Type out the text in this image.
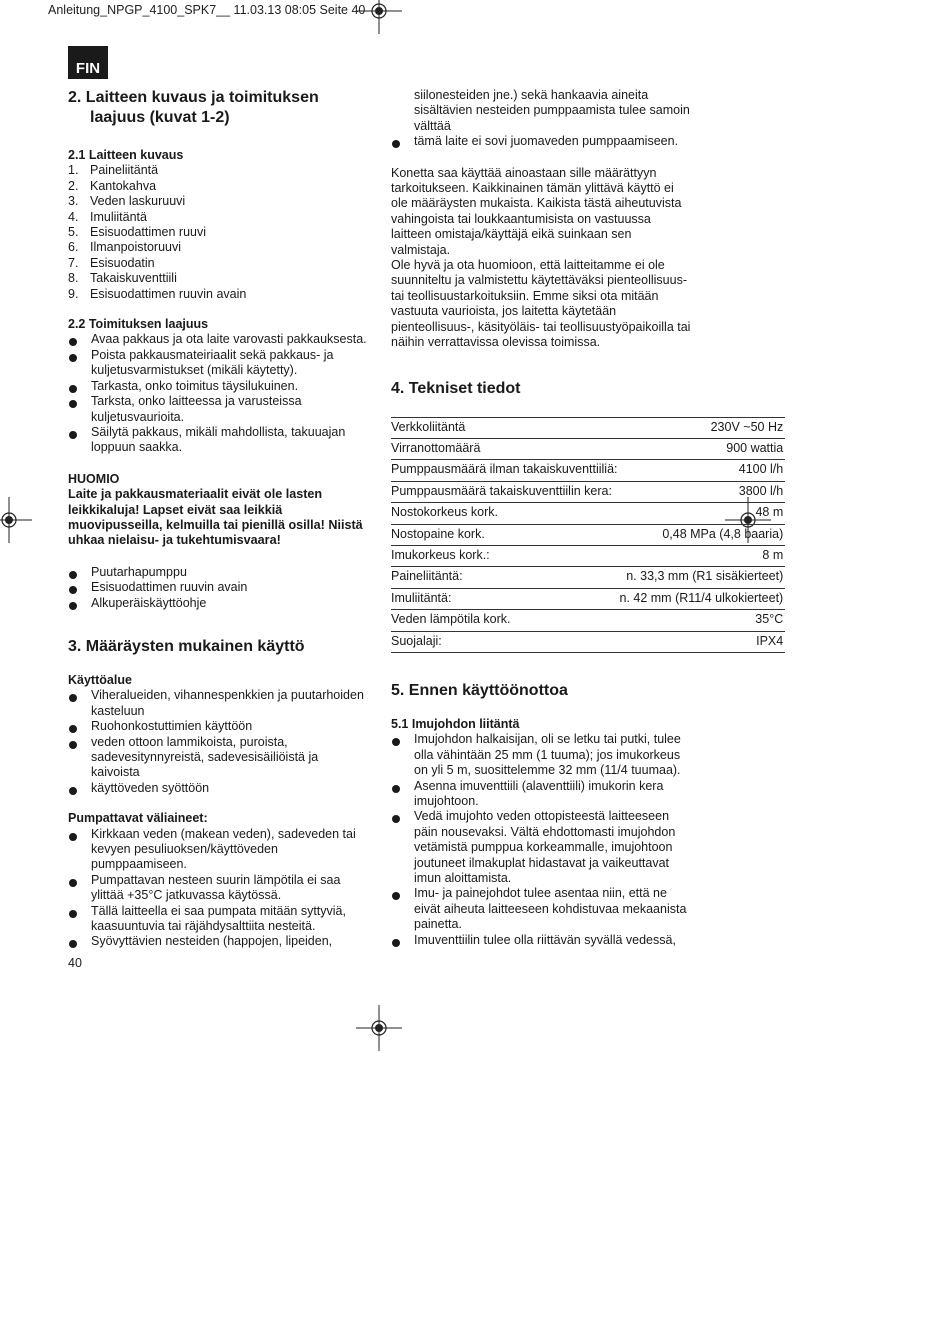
Anleitung_NPGP_4100_SPK7__ 11.03.13 08:05 Seite 40
FIN
2. Laitteen kuvaus ja toimituksen
laajuus (kuvat 1-2)
2.1 Laitteen kuvaus
1. Paineliitäntä
2. Kantokahva
3. Veden laskuruuvi
4. Imuliitäntä
5. Esisuodattimen ruuvi
6. Ilmanpoistoruuvi
7. Esisuodatin
8. Takaiskuventtiili
9. Esisuodattimen ruuvin avain
2.2 Toimituksen laajuus
Avaa pakkaus ja ota laite varovasti pakkauksesta.
Poista pakkausmateiriaalit sekä pakkaus- ja kuljetusvarmistukset (mikäli käytetty).
Tarkasta, onko toimitus täysilukuinen.
Tarksta, onko laitteessa ja varusteissa kuljetusvaurioita.
Säilytä pakkaus, mikäli mahdollista, takuuajan loppuun saakka.

HUOMIO

Laite ja pakkausmateriaalit eivät ole lasten leikkikaluja! Lapset eivät saa leikkiä muovipusseilla, kelmuilla tai pienillä osilla! Niistä uhkaa nielaisu- ja tukehtumisvaara!

Puutarhapumppu
Esisuodattimen ruuvin avain
Alkuperäiskäyttöohje
3. Määräysten mukainen käyttö
Käyttöalue
Viheralueiden, vihannespenkkien ja puutarhoiden kasteluun
Ruohonkostuttimien käyttöön
veden ottoon lammikoista, puroista, sadevesitynnyreistä, sadevesisäiliöistä ja kaivoista
käyttöveden syöttöön
Pumpattavat väliaineet:
Kirkkaan veden (makean veden), sadeveden tai kevyen pesuliuoksen/käyttöveden pumppaamiseen.
Pumpattavan nesteen suurin lämpötila ei saa ylittää +35°C jatkuvassa käytössä.
Tällä laitteella ei saa pumpata mitään syttyviä, kaasuuntuvia tai räjähdysalttiita nesteitä.
Syövyttävien nesteiden (happojen, lipeiden,
40

siilonesteiden jne.) sekä hankaavia aineita sisältävien nesteiden pumppaamista tulee samoin välttää

tämä laite ei sovi juomaveden pumppaamiseen.

Konetta saa käyttää ainoastaan sille määrättyyn tarkoitukseen. Kaikkinainen tämän ylittävä käyttö ei ole määräysten mukaista. Kaikista tästä aiheutuvista vahingoista tai loukkaantumisista on vastuussa laitteen omistaja/käyttäjä eikä suinkaan sen valmistaja.

Ole hyvä ja ota huomioon, että laitteitamme ei ole suunniteltu ja valmistettu käytettäväksi pienteollisuus- tai teollisuustarkoituksiin. Emme siksi ota mitään vastuuta vaurioista, jos laitetta käytetään pienteollisuus-, käsityöläis- tai teollisuustyöpaikoilla tai näihin verrattavissa olevissa toimissa.

4. Tekniset tiedot
Verkkoliitäntä	230V ~50 Hz
Virranottomäärä	900 wattia
Pumppausmäärä ilman takaiskuventtiiliä:	4100 l/h
Pumppausmäärä takaiskuventtiilin kera:	3800 l/h
Nostokorkeus kork.	48 m
Nostopaine kork.	0,48 MPa (4,8 baaria)
Imukorkeus kork.:	8 m
Paineliitäntä:	n. 33,3 mm (R1 sisäkierteet)
Imuliitäntä:	n. 42 mm (R11/4 ulkokierteet)
Veden lämpötila kork.	35°C
Suojalaji:	IPX4
5. Ennen käyttöönottoa
5.1 Imujohdon liitäntä
Imujohdon halkaisijan, oli se letku tai putki, tulee olla vähintään 25 mm (1 tuuma); jos imukorkeus on yli 5 m, suosittelemme 32 mm (11/4 tuumaa).
Asenna imuventtiili (alaventtiili) imukorin kera imujohtoon.
Vedä imujohto veden ottopisteestä laitteeseen päin nousevaksi. Vältä ehdottomasti imujohdon vetämistä pumppua korkeammalle, imujohtoon joutuneet ilmakuplat hidastavat ja vaikeuttavat imun aloittamista.
Imu- ja painejohdot tulee asentaa niin, että ne eivät aiheuta laitteeseen kohdistuvaa mekaanista painetta.
Imuventtiilin tulee olla riittävän syvällä vedessä,
